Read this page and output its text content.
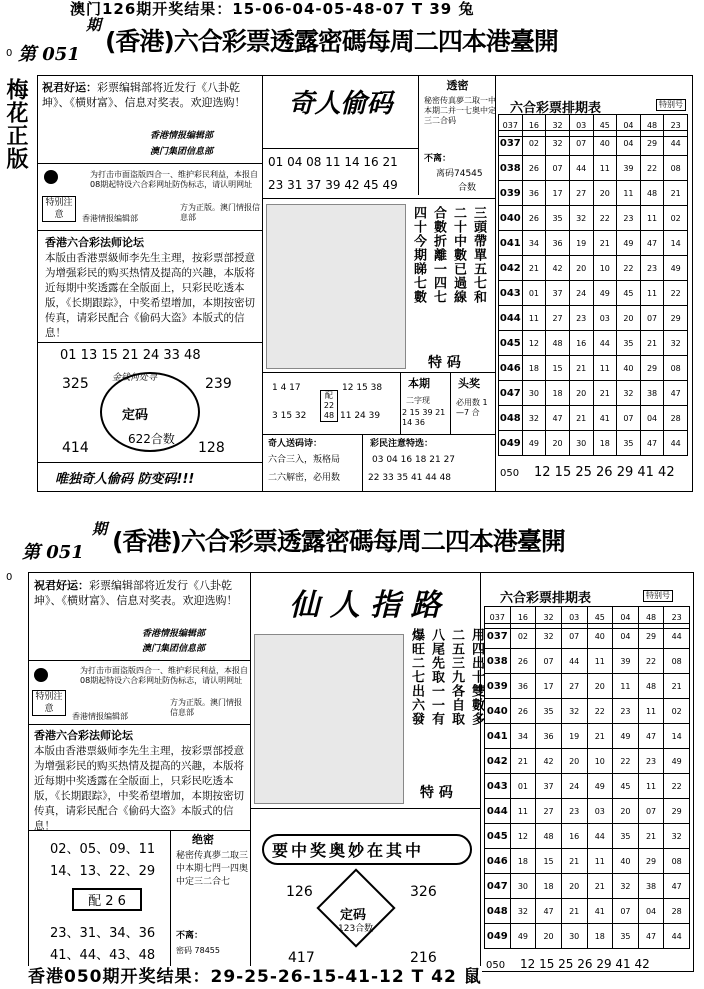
澳门126期开奖结果：15-06-04-05-48-07 T 39 兔
0 第 051
期
(香港)六合彩票透露密碼每周二四本港臺開
梅花正版 祝君好运：彩票编辑部将近发行《八卦乾坤》、《横财富》、信息对奖表。欢迎选购！
香港情报编辑部
澳门集团信息部
为打击市面盗版四合一、维护彩民利益，本报自08期起特设六合彩网址防伪标志，请认明网址
特别注意	香港情报编辑部
方为正版。澳门情报信息部
香港六合彩法师论坛
本版由香港票級师李先生主理，按彩票部授意为增强彩民的购买热情及提高的兴趣，本版将近每期中奖透露在全版面上，只彩民吃透本版，《长期跟踪》，中奖希望增加，本期按密切传真，请彩民配合《偷码大盗》本版式的信息！
01 13 15 21 24 33 48
金钱何处寻
325	239
定码
622合数
414	128
唯独奇人偷码 防变码!!!
奇人偷码
01 04 08 11 14 16 21
23 31 37 39 42 45 49
透密
秘密传真夢二取一中本期二并一七奥中定三二合码
不离：
离码74545
合数
三頭帶單五七和
二十中數已過線
合數折離一四七
四十今期睇七數
特 码
1 4 17
3 15 32
配 22 48
12 15 38
11 24 39
本期
二字现
2 15 39 21 14 36
头奖
必用数 1—7 合
奇人送码诗：
六合三入，叛格局
二六解密，必用数
彩民注意特选：
03 04 16 18 21 27
22 33 35 41 44 48
六合彩票排期表	特别号
037	16	32	03	45	04	48	23
037	02	32	07	40	04	29	44
038	26	07	44	11	39	22	08
039	36	17	27	20	11	48	21
040	26	35	32	22	23	11	02
041	34	36	19	21	49	47	14
042	21	42	20	10	22	23	49
043	01	37	24	49	45	11	22
044	11	27	23	03	20	07	29
045	12	48	16	44	35	21	32
046	18	15	21	11	40	29	08
047	30	18	20	21	32	38	47
048	32	47	21	41	07	04	28
049	49	20	30	18	35	47	44
050 12 15 25 26 29 41 42
0
第 051
期 (香港)六合彩票透露密碼每周二四本港臺開
祝君好运：彩票编辑部将近发行《八卦乾坤》、《横财富》、信息对奖表。欢迎选购！
香港情报编辑部
澳门集团信息部
为打击市面盗版四合一、维护彩民利益，本报自08期起特设六合彩网址防伪标志，请认明网址
特别注意
香港情报编辑部
方为正版。澳门情报信息部
香港六合彩法师论坛
本版由香港票級师李先生主理，按彩票部授意为增强彩民的购买热情及提高的兴趣，本版将近每期中奖透露在全版面上，只彩民吃透本版，《长期跟踪》，中奖希望增加，本期按密切传真，请彩民配合《偷码大盗》本版式的信息！
02、05、09、11
14、13、22、29
配 2 6
23、31、34、36
41、44、43、48
绝密
秘密传真夢二取三中本期七閂一四奥中定三二合七
不离：
密码 78455
仙 人 指 路
用四出十雙數多
二五三九各自取
八尾先取一一有
爆旺二七出六發
特 码
要中奖奥妙在其中
126	326
定码
123合数
417	216
六合彩票排期表	特别号
037	16	32	03	45	04	48	23
037	02	32	07	40	04	29	44
038	26	07	44	11	39	22	08
039	36	17	27	20	11	48	21
040	26	35	32	22	23	11	02
041	34	36	19	21	49	47	14
042	21	42	20	10	22	23	49
043	01	37	24	49	45	11	22
044	11	27	23	03	20	07	29
045	12	48	16	44	35	21	32
046	18	15	21	11	40	29	08
047	30	18	20	21	32	38	47
048	32	47	21	41	07	04	28
049	49	20	30	18	35	47	44
050 12 15 25 26 29 41 42
香港050期开奖结果：29-25-26-15-41-12 T 42 鼠
